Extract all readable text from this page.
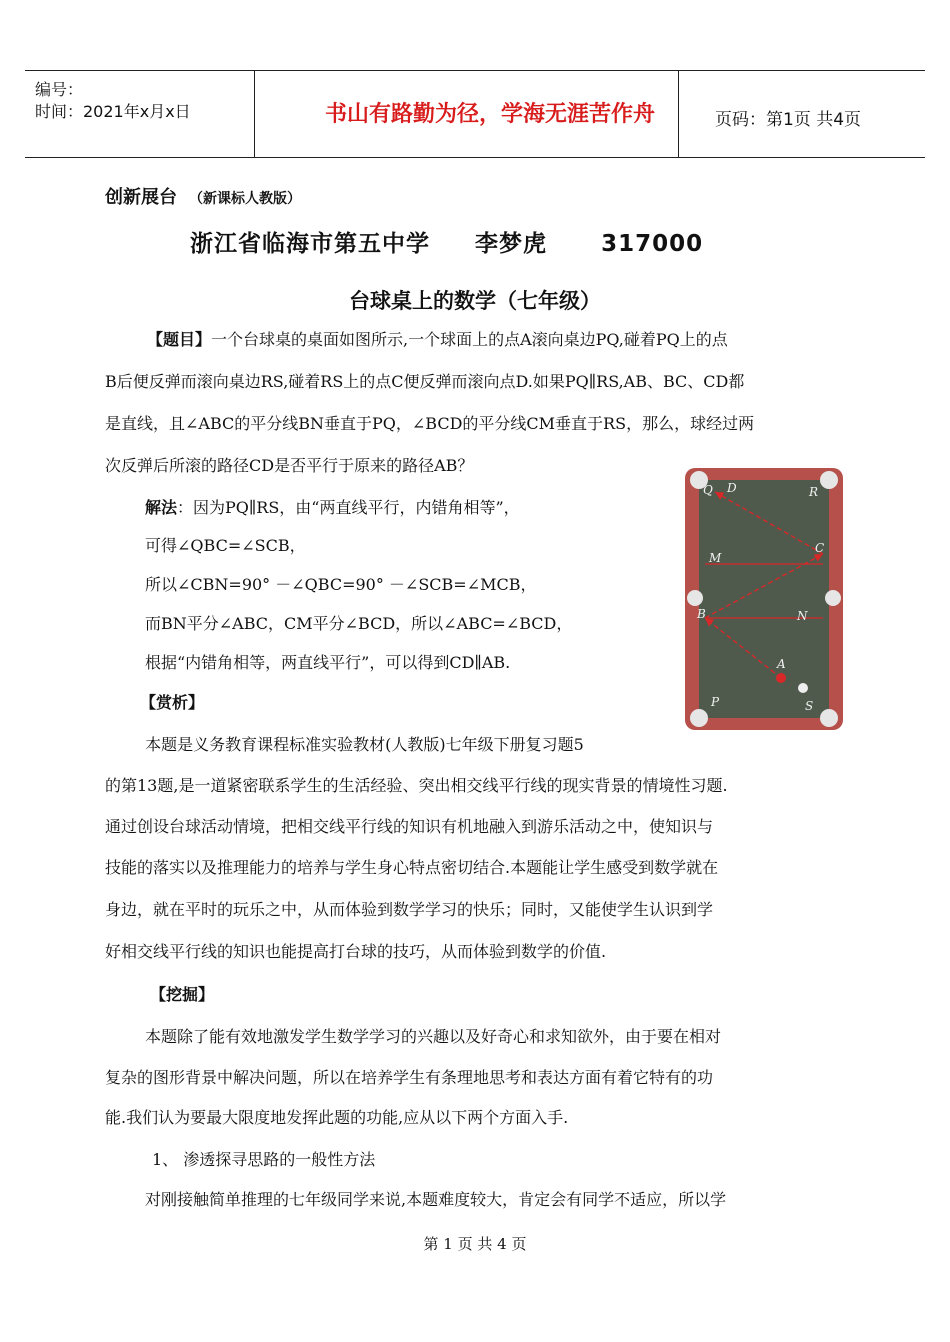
编号：
时间：2021年x月x日	书山有路勤为径，学海无涯苦作舟	页码：第1页 共4页
创新展台 （新课标人教版）
浙江省临海市第五中学     李梦虎      317000
台球桌上的数学（七年级）
【题目】一个台球桌的桌面如图所示,一个球面上的点A滚向桌边PQ,碰着PQ上的点
B后便反弹而滚向桌边RS,碰着RS上的点C便反弹而滚向点D.如果PQ∥RS,AB、BC、CD都
是直线，且∠ABC的平分线BN垂直于PQ，∠BCD的平分线CM垂直于RS，那么，球经过两
次反弹后所滚的路径CD是否平行于原来的路径AB？
解法：因为PQ∥RS，由“两直线平行，内错角相等”，
可得∠QBC=∠SCB，
所以∠CBN=90° －∠QBC=90° －∠SCB=∠MCB，
而BN平分∠ABC，CM平分∠BCD，所以∠ABC=∠BCD，
根据“内错角相等，两直线平行”，可以得到CD∥AB.
【赏析】
本题是义务教育课程标准实验教材(人教版)七年级下册复习题5
的第13题,是一道紧密联系学生的生活经验、突出相交线平行线的现实背景的情境性习题.
通过创设台球活动情境，把相交线平行线的知识有机地融入到游乐活动之中，使知识与
技能的落实以及推理能力的培养与学生身心特点密切结合.本题能让学生感受到数学就在
身边，就在平时的玩乐之中，从而体验到数学学习的快乐；同时，又能使学生认识到学
好相交线平行线的知识也能提高打台球的技巧，从而体验到数学的价值.
【挖掘】
本题除了能有效地激发学生数学学习的兴趣以及好奇心和求知欲外，由于要在相对
复杂的图形背景中解决问题，所以在培养学生有条理地思考和表达方面有着它特有的功
能.我们认为要最大限度地发挥此题的功能,应从以下两个方面入手.
1、 渗透探寻思路的一般性方法
对刚接触简单推理的七年级同学来说,本题难度较大，肯定会有同学不适应，所以学
第 1 页 共 4 页
Q D	R
M
C
B	N
A
P	S
